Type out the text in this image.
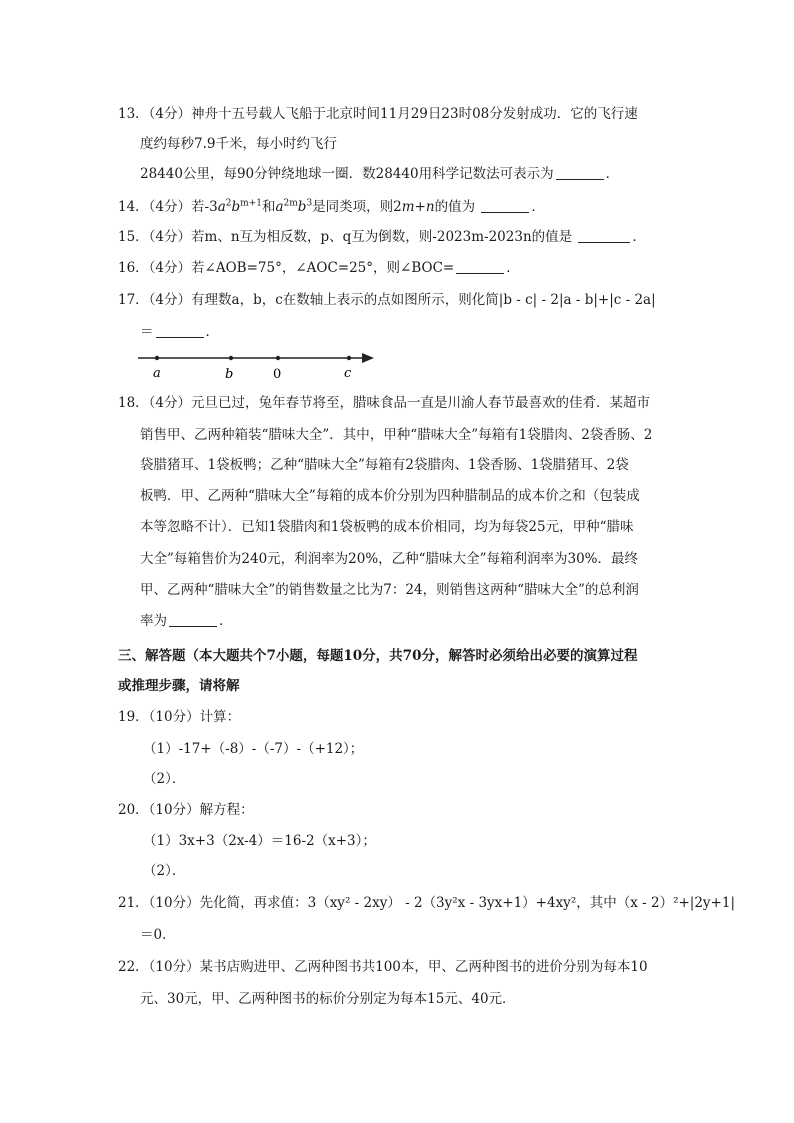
13．（4分）神舟十五号载人飞船于北京时间11月29日23时08分发射成功．它的飞行速
度约每秒7.9千米，每小时约飞行
28440公里，每90分钟绕地球一圈．数28440用科学记数法可表示为	．
14．（4分）若$-3a^2b^{m+1}$和$a^{2m}b^3$是同类项，则2m+n的值为	．
15．（4分）若m、n互为相反数，p、q互为倒数，则-2023m-2023n的值是	．
16．（4分）若∠AOB=75°，∠AOC=25°，则∠BOC=	．
17．（4分）有理数a，b，c在数轴上表示的点如图所示，则化简|b - c| - 2|a - b|+|c - 2a|
＝	．
a	b	0	c
18．（4分）元旦已过，兔年春节将至，腊味食品一直是川渝人春节最喜欢的佳肴．某超市
销售甲、乙两种箱装“腊味大全”．其中，甲种“腊味大全”每箱有1袋腊肉、2袋香肠、2
袋腊猪耳、1袋板鸭；乙种“腊味大全”每箱有2袋腊肉、1袋香肠、1袋腊猪耳、2袋
板鸭．甲、乙两种“腊味大全”每箱的成本价分别为四种腊制品的成本价之和（包装成
本等忽略不计）．已知1袋腊肉和1袋板鸭的成本价相同，均为每袋25元，甲种“腊味
大全”每箱售价为240元，利润率为20%，乙种“腊味大全”每箱利润率为30%．最终
甲、乙两种“腊味大全”的销售数量之比为7：24，则销售这两种“腊味大全”的总利润
率为	．
三、解答题（本大题共个7小题，每题10分，共70分，解答时必须给出必要的演算过程
或推理步骤，请将解
19．（10分）计算：
（1）-17+（-8）-（-7）-（+12）；
（2）．
20．（10分）解方程：
（1）3x+3（2x-4）＝16-2（x+3）；
（2）．
21．（10分）先化简，再求值：3（xy² - 2xy） - 2（3y²x - 3yx+1）+4xy²，其中（x - 2）²+|2y+1|
＝0．
22．（10分）某书店购进甲、乙两种图书共100本，甲、乙两种图书的进价分别为每本10
元、30元，甲、乙两种图书的标价分别定为每本15元、40元．
